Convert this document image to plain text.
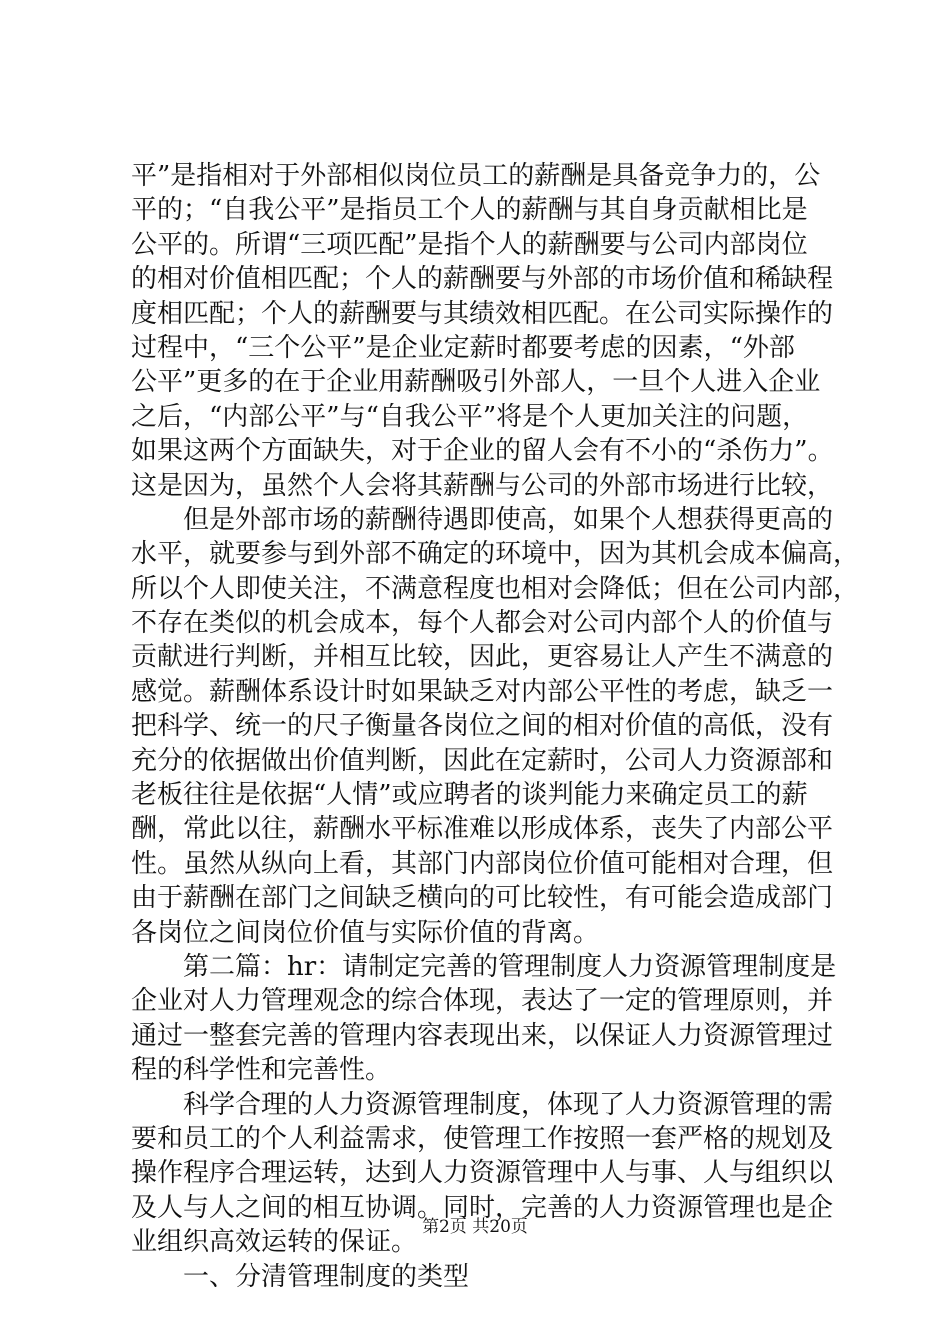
平”是指相对于外部相似岗位员工的薪酬是具备竞争力的，公
平的；“自我公平”是指员工个人的薪酬与其自身贡献相比是
公平的。所谓“三项匹配”是指个人的薪酬要与公司内部岗位
的相对价值相匹配；个人的薪酬要与外部的市场价值和稀缺程
度相匹配；个人的薪酬要与其绩效相匹配。在公司实际操作的
过程中，“三个公平”是企业定薪时都要考虑的因素，“外部
公平”更多的在于企业用薪酬吸引外部人，一旦个人进入企业
之后，“内部公平”与“自我公平”将是个人更加关注的问题，
如果这两个方面缺失，对于企业的留人会有不小的“杀伤力”。
这是因为，虽然个人会将其薪酬与公司的外部市场进行比较，
　　但是外部市场的薪酬待遇即使高，如果个人想获得更高的
水平，就要参与到外部不确定的环境中，因为其机会成本偏高，
所以个人即使关注，不满意程度也相对会降低；但在公司内部，
不存在类似的机会成本，每个人都会对公司内部个人的价值与
贡献进行判断，并相互比较，因此，更容易让人产生不满意的
感觉。薪酬体系设计时如果缺乏对内部公平性的考虑，缺乏一
把科学、统一的尺子衡量各岗位之间的相对价值的高低，没有
充分的依据做出价值判断，因此在定薪时，公司人力资源部和
老板往往是依据“人情”或应聘者的谈判能力来确定员工的薪
酬，常此以往，薪酬水平标准难以形成体系，丧失了内部公平
性。虽然从纵向上看，其部门内部岗位价值可能相对合理，但
由于薪酬在部门之间缺乏横向的可比较性，有可能会造成部门
各岗位之间岗位价值与实际价值的背离。
　　第二篇：hr：请制定完善的管理制度人力资源管理制度是
企业对人力管理观念的综合体现，表达了一定的管理原则，并
通过一整套完善的管理内容表现出来，以保证人力资源管理过
程的科学性和完善性。
　　科学合理的人力资源管理制度，体现了人力资源管理的需
要和员工的个人利益需求，使管理工作按照一套严格的规划及
操作程序合理运转，达到人力资源管理中人与事、人与组织以
及人与人之间的相互协调。同时，完善的人力资源管理也是企
业组织高效运转的保证。
　　一、分清管理制度的类型
第2页 共20页
